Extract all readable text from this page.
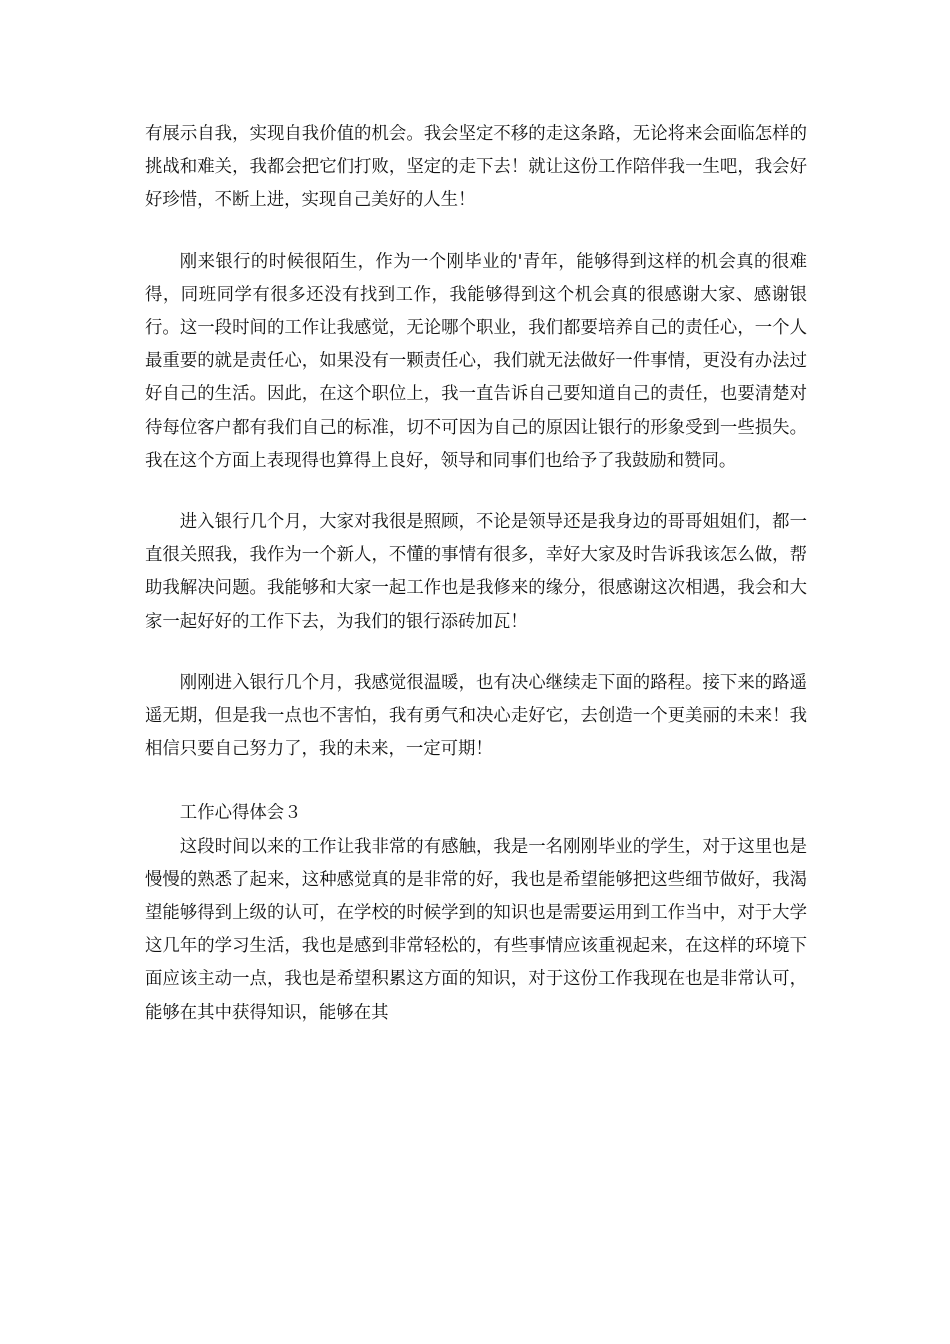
有展示自我，实现自我价值的机会。我会坚定不移的走这条路，无论将来会面临怎样的挑战和难关，我都会把它们打败，坚定的走下去！就让这份工作陪伴我一生吧，我会好好珍惜，不断上进，实现自己美好的人生！

刚来银行的时候很陌生，作为一个刚毕业的'青年，能够得到这样的机会真的很难得，同班同学有很多还没有找到工作，我能够得到这个机会真的很感谢大家、感谢银行。这一段时间的工作让我感觉，无论哪个职业，我们都要培养自己的责任心，一个人最重要的就是责任心，如果没有一颗责任心，我们就无法做好一件事情，更没有办法过好自己的生活。因此，在这个职位上，我一直告诉自己要知道自己的责任，也要清楚对待每位客户都有我们自己的标准，切不可因为自己的原因让银行的形象受到一些损失。我在这个方面上表现得也算得上良好，领导和同事们也给予了我鼓励和赞同。

进入银行几个月，大家对我很是照顾，不论是领导还是我身边的哥哥姐姐们，都一直很关照我，我作为一个新人，不懂的事情有很多，幸好大家及时告诉我该怎么做，帮助我解决问题。我能够和大家一起工作也是我修来的缘分，很感谢这次相遇，我会和大家一起好好的工作下去，为我们的银行添砖加瓦！

刚刚进入银行几个月，我感觉很温暖，也有决心继续走下面的路程。接下来的路遥遥无期，但是我一点也不害怕，我有勇气和决心走好它，去创造一个更美丽的未来！我相信只要自己努力了，我的未来，一定可期！

工作心得体会３

这段时间以来的工作让我非常的有感触，我是一名刚刚毕业的学生，对于这里也是慢慢的熟悉了起来，这种感觉真的是非常的好，我也是希望能够把这些细节做好，我渴望能够得到上级的认可，在学校的时候学到的知识也是需要运用到工作当中，对于大学这几年的学习生活，我也是感到非常轻松的，有些事情应该重视起来，在这样的环境下面应该主动一点，我也是希望积累这方面的知识，对于这份工作我现在也是非常认可，能够在其中获得知识，能够在其
